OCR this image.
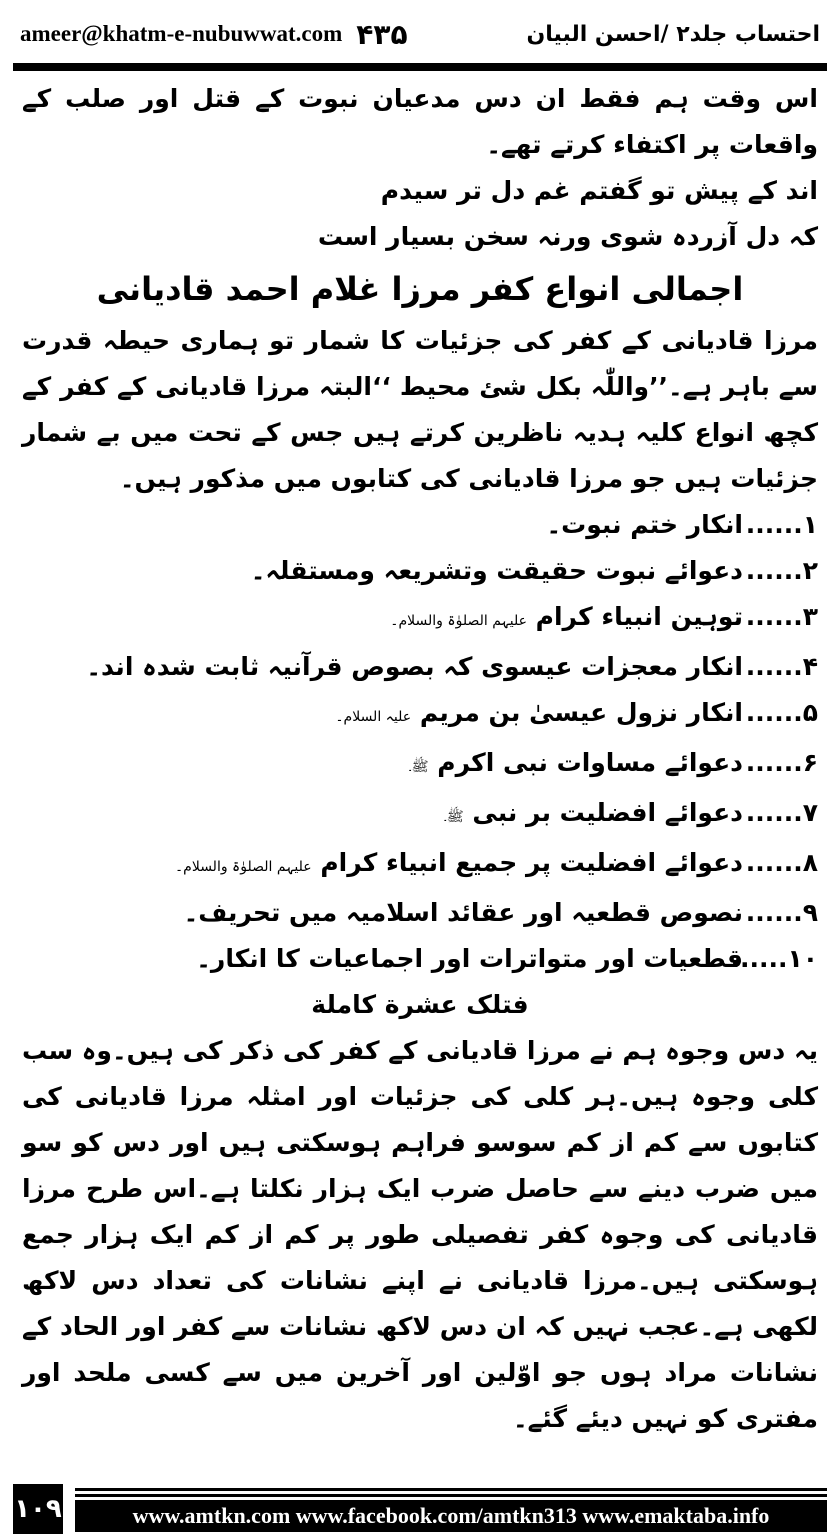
ameer@khatm-e-nubuwwat.com ۴۳۵	احتساب جلد۲ /احسن البیان
اس وقت ہم فقط ان دس مدعیان نبوت کے قتل اور صلب کے واقعات پر اکتفاء کرتے تھے۔
اند کے پیش تو گفتم غم دل تر سیدم
کہ دل آزردہ شوی ورنہ سخن بسیار است
اجمالی انواع کفر مرزا غلام احمد قادیانی
مرزا قادیانی کے کفر کی جزئیات کا شمار تو ہماری حیطہ قدرت سے باہر ہے۔’’واللّٰہ بکل شئ محیط ‘‘البتہ مرزا قادیانی کے کفر کے کچھ انواع کلیہ ہدیہ ناظرین کرتے ہیں جس کے تحت میں بے شمار جزئیات ہیں جو مرزا قادیانی کی کتابوں میں مذکور ہیں۔
۱......
انکار ختم نبوت۔
۲......
دعوائے نبوت حقیقت وتشریعہ ومستقلہ۔
۳......
توہین انبیاء کرام علیہم الصلوٰۃ والسلام۔
۴......
انکار معجزات عیسوی کہ بصوص قرآنیہ ثابت شدہ اند۔
۵......
انکار نزول عیسیٰ بن مریم علیہ السلام۔
۶......
دعوائے مساوات نبی اکرم ﷺ۔
۷......
دعوائے افضلیت بر نبی ﷺ۔
۸......
دعوائے افضلیت پر جمیع انبیاء کرام علیہم الصلوٰۃ والسلام۔
۹......
نصوص قطعیہ اور عقائد اسلامیہ میں تحریف۔
۱۰......
قطعیات اور متواترات اور اجماعیات کا انکار۔
فتلک عشرة کاملة
یہ دس وجوہ ہم نے مرزا قادیانی کے کفر کی ذکر کی ہیں۔وہ سب کلی وجوہ ہیں۔ہر کلی کی جزئیات اور امثلہ مرزا قادیانی کی کتابوں سے کم از کم سوسو فراہم ہوسکتی ہیں اور دس کو سو میں ضرب دینے سے حاصل ضرب ایک ہزار نکلتا ہے۔اس طرح مرزا قادیانی کی وجوہ کفر تفصیلی طور پر کم از کم ایک ہزار جمع ہوسکتی ہیں۔مرزا قادیانی نے اپنے نشانات کی تعداد دس لاکھ لکھی ہے۔عجب نہیں کہ ان دس لاکھ نشانات سے کفر اور الحاد کے نشانات مراد ہوں جو اوّلین اور آخرین میں سے کسی ملحد اور مفتری کو نہیں دیئے گئے۔
۱۰۹	www.amtkn.com www.facebook.com/amtkn313 www.emaktaba.info
